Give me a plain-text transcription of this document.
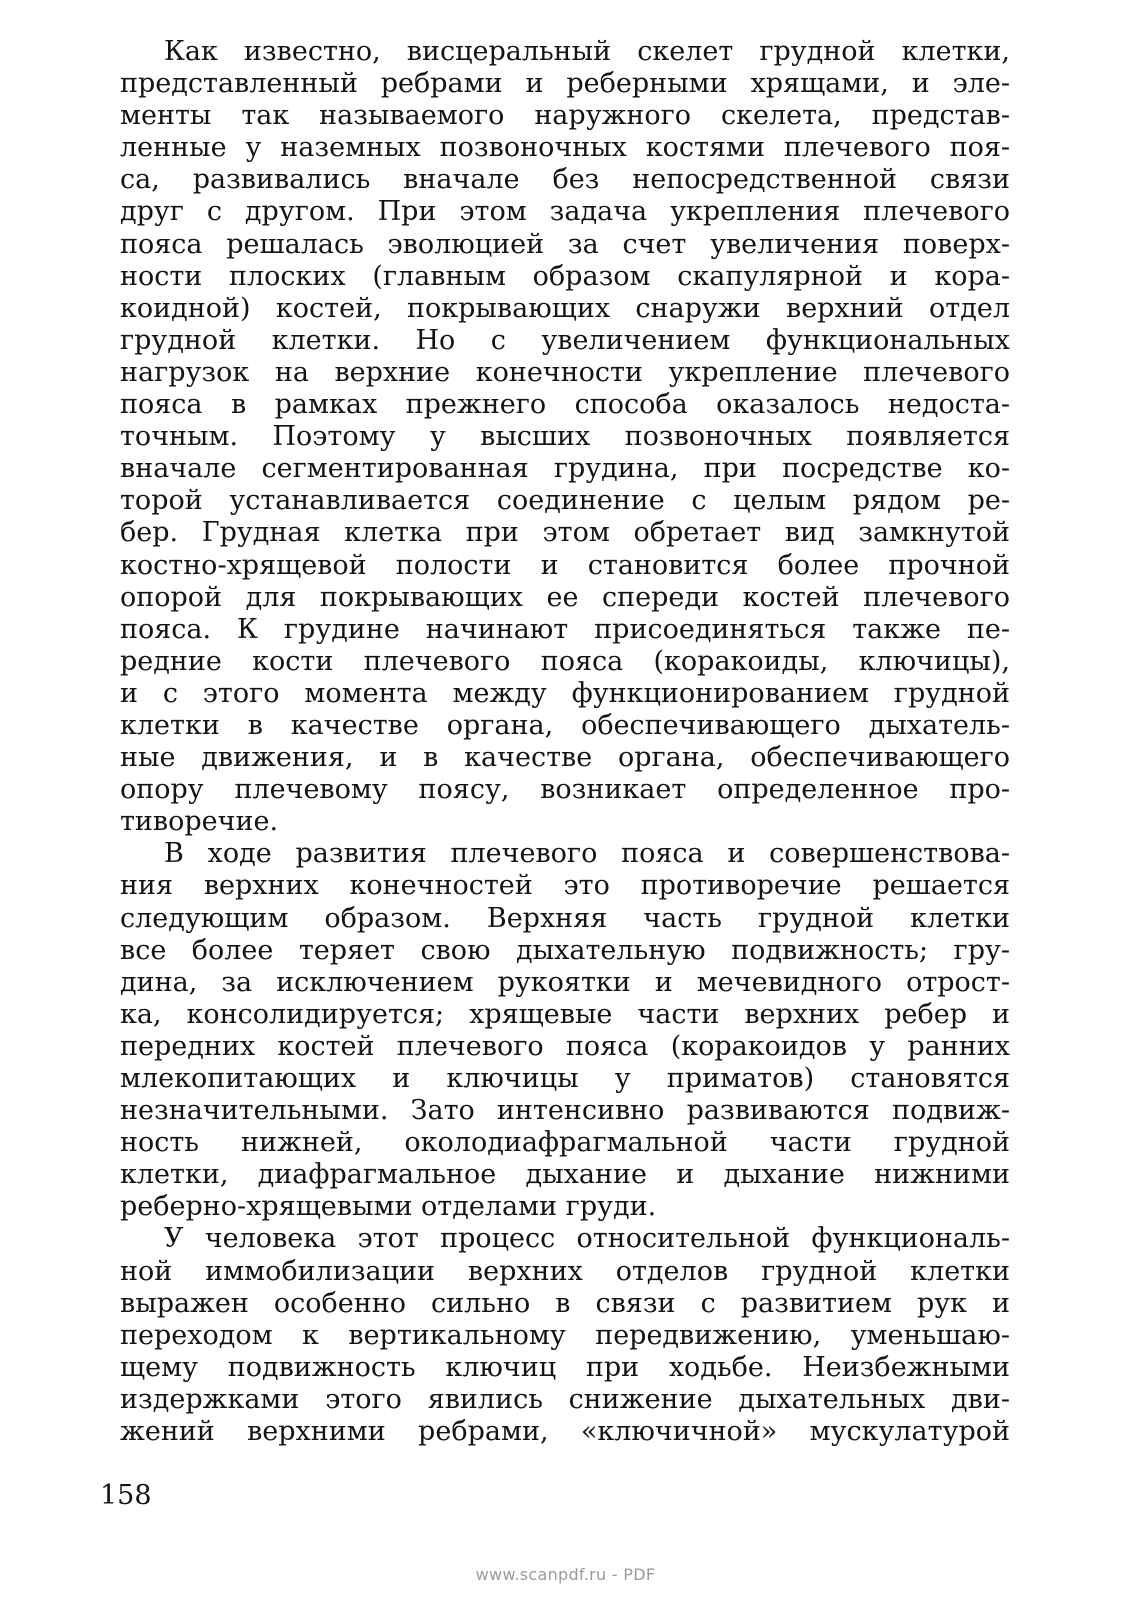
Как известно, висцеральный скелет грудной клетки,
представленный ребрами и реберными хрящами, и эле-
менты так называемого наружного скелета, представ-
ленные у наземных позвоночных костями плечевого поя-
са, развивались вначале без непосредственной связи
друг с другом. При этом задача укрепления плечевого
пояса решалась эволюцией за счет увеличения поверх-
ности плоских (главным образом скапулярной и кора-
коидной) костей, покрывающих снаружи верхний отдел
грудной клетки. Но с увеличением функциональных
нагрузок на верхние конечности укрепление плечевого
пояса в рамках прежнего способа оказалось недоста-
точным. Поэтому у высших позвоночных появляется
вначале сегментированная грудина, при посредстве ко-
торой устанавливается соединение с целым рядом ре-
бер. Грудная клетка при этом обретает вид замкнутой
костно-хрящевой полости и становится более прочной
опорой для покрывающих ее спереди костей плечевого
пояса. К грудине начинают присоединяться также пе-
редние кости плечевого пояса (коракоиды, ключицы),
и с этого момента между функционированием грудной
клетки в качестве органа, обеспечивающего дыхатель-
ные движения, и в качестве органа, обеспечивающего
опору плечевому поясу, возникает определенное про-
тиворечие.
В ходе развития плечевого пояса и совершенствова-
ния верхних конечностей это противоречие решается
следующим образом. Верхняя часть грудной клетки
все более теряет свою дыхательную подвижность; гру-
дина, за исключением рукоятки и мечевидного отрост-
ка, консолидируется; хрящевые части верхних ребер и
передних костей плечевого пояса (коракоидов у ранних
млекопитающих и ключицы у приматов) становятся
незначительными. Зато интенсивно развиваются подвиж-
ность нижней, околодиафрагмальной части грудной
клетки, диафрагмальное дыхание и дыхание нижними
реберно-хрящевыми отделами груди.
У человека этот процесс относительной функциональ-
ной иммобилизации верхних отделов грудной клетки
выражен особенно сильно в связи с развитием рук и
переходом к вертикальному передвижению, уменьшаю-
щему подвижность ключиц при ходьбе. Неизбежными
издержками этого явились снижение дыхательных дви-
жений верхними ребрами, «ключичной» мускулатурой
158
www.scanpdf.ru - PDF
